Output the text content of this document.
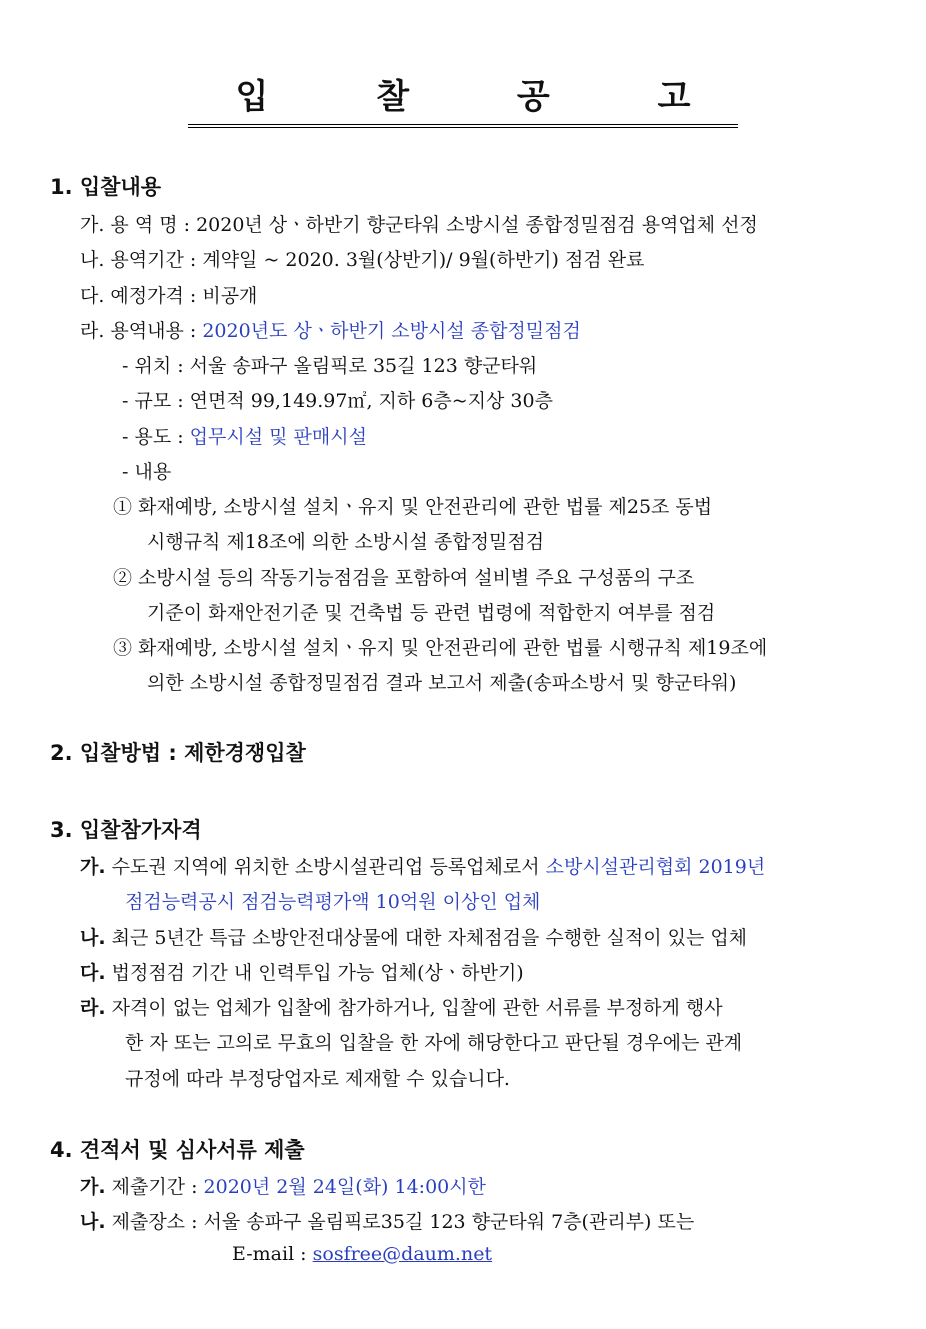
입 찰 공 고
1. 입찰내용
가. 용 역 명 : 2020년 상ㆍ하반기 향군타워 소방시설 종합정밀점검 용역업체 선정
나. 용역기간 : 계약일 ~ 2020. 3월(상반기)/ 9월(하반기) 점검 완료
다. 예정가격 : 비공개
라. 용역내용 : 2020년도 상ㆍ하반기 소방시설 종합정밀점검
- 위치 : 서울 송파구 올림픽로 35길 123 향군타워
- 규모 : 연면적 99,149.97㎡, 지하 6층~지상 30층
- 용도 : 업무시설 및 판매시설
- 내용
① 화재예방, 소방시설 설치ㆍ유지 및 안전관리에 관한 법률 제25조 동법
시행규칙 제18조에 의한 소방시설 종합정밀점검
② 소방시설 등의 작동기능점검을 포함하여 설비별 주요 구성품의 구조
기준이 화재안전기준 및 건축법 등 관련 법령에 적합한지 여부를 점검
③ 화재예방, 소방시설 설치ㆍ유지 및 안전관리에 관한 법률 시행규칙 제19조에
의한 소방시설 종합정밀점검 결과 보고서 제출(송파소방서 및 향군타워)
2. 입찰방법 : 제한경쟁입찰
3. 입찰참가자격
가. 수도권 지역에 위치한 소방시설관리업 등록업체로서 소방시설관리협회 2019년
점검능력공시 점검능력평가액 10억원 이상인 업체
나. 최근 5년간 특급 소방안전대상물에 대한 자체점검을 수행한 실적이 있는 업체
다. 법정점검 기간 내 인력투입 가능 업체(상ㆍ하반기)
라. 자격이 없는 업체가 입찰에 참가하거나, 입찰에 관한 서류를 부정하게 행사
한 자 또는 고의로 무효의 입찰을 한 자에 해당한다고 판단될 경우에는 관계
규정에 따라 부정당업자로 제재할 수 있습니다.
4. 견적서 및 심사서류 제출
가. 제출기간 : 2020년 2월 24일(화) 14:00시한
나. 제출장소 : 서울 송파구 올림픽로35길 123 향군타워 7층(관리부) 또는
E-mail : sosfree@daum.net
